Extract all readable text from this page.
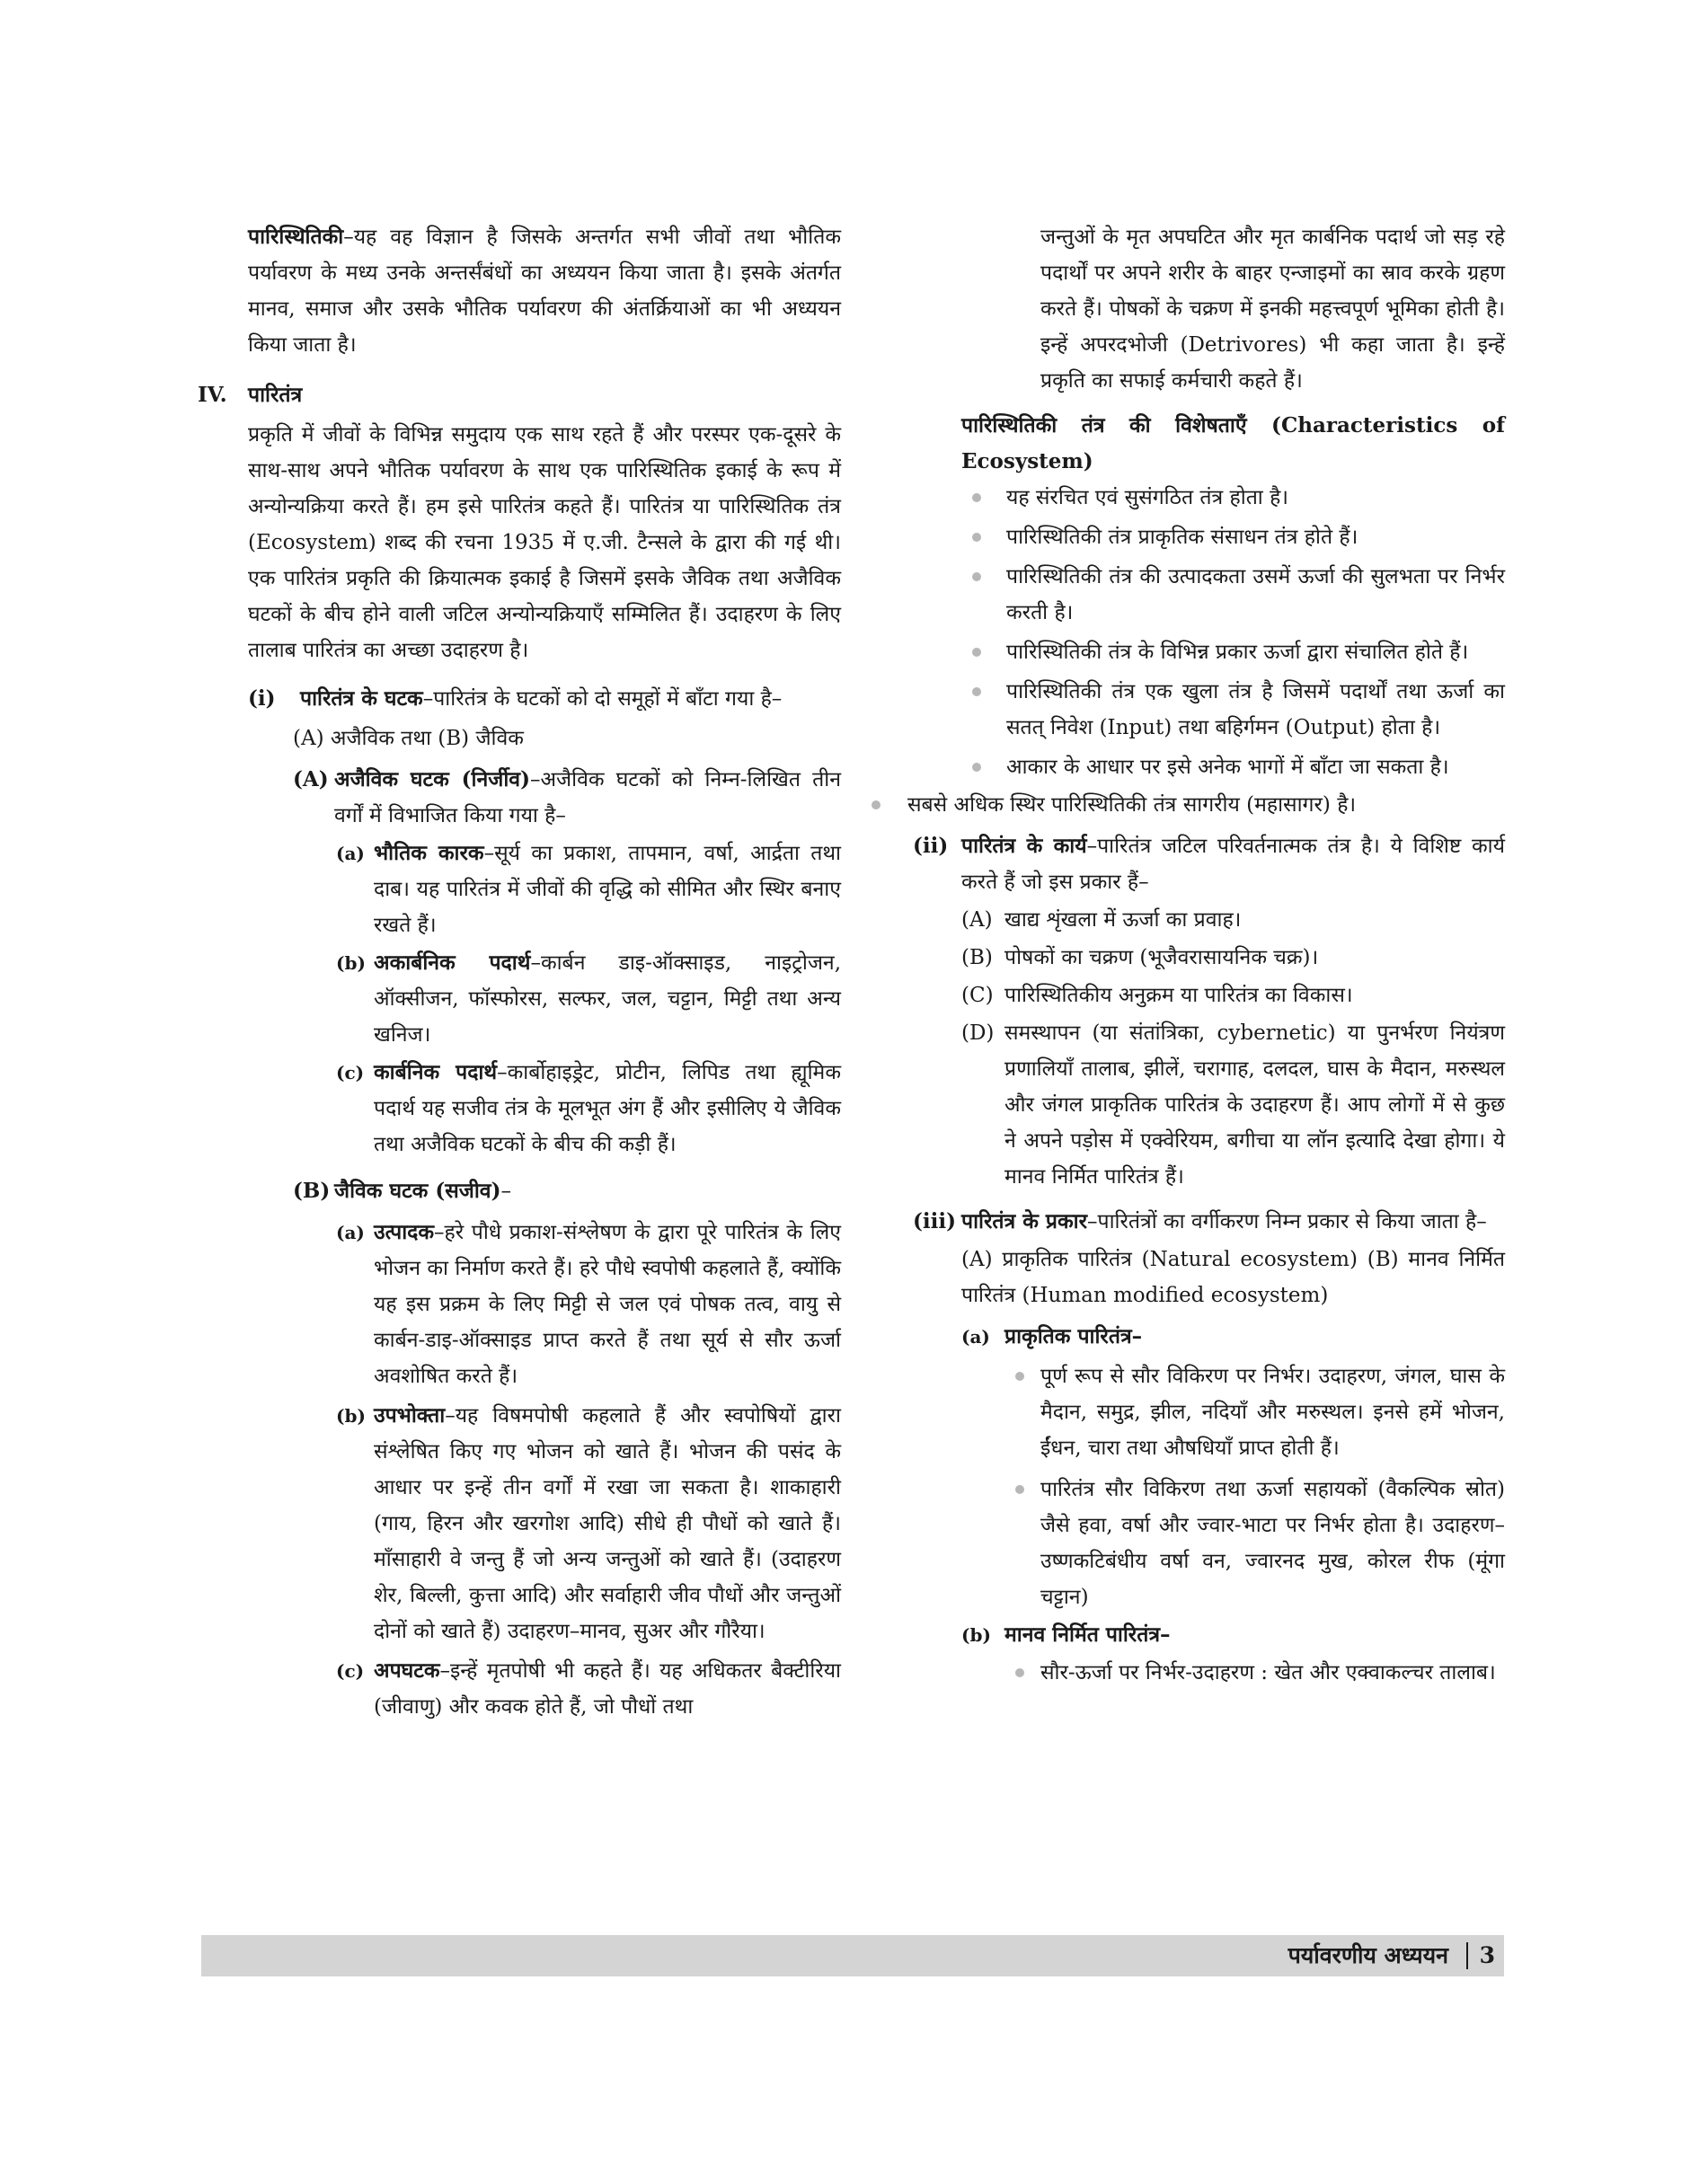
पारिस्थितिकी–यह वह विज्ञान है जिसके अन्तर्गत सभी जीवों तथा भौतिक पर्यावरण के मध्य उनके अन्तर्संबंधों का अध्ययन किया जाता है। इसके अंतर्गत मानव, समाज और उसके भौतिक पर्यावरण की अंतर्क्रियाओं का भी अध्ययन किया जाता है।

IV. पारितंत्र

प्रकृति में जीवों के विभिन्न समुदाय एक साथ रहते हैं और परस्पर एक-दूसरे के साथ-साथ अपने भौतिक पर्यावरण के साथ एक पारिस्थितिक इकाई के रूप में अन्योन्यक्रिया करते हैं। हम इसे पारितंत्र कहते हैं। पारितंत्र या पारिस्थितिक तंत्र (Ecosystem) शब्द की रचना 1935 में ए.जी. टैन्सले के द्वारा की गई थी। एक पारितंत्र प्रकृति की क्रियात्मक इकाई है जिसमें इसके जैविक तथा अजैविक घटकों के बीच होने वाली जटिल अन्योन्यक्रियाएँ सम्मिलित हैं। उदाहरण के लिए तालाब पारितंत्र का अच्छा उदाहरण है।

(i) पारितंत्र के घटक–पारितंत्र के घटकों को दो समूहों में बाँटा गया है–

(A) अजैविक तथा (B) जैविक

(A) अजैविक घटक (निर्जीव)–अजैविक घटकों को निम्न-लिखित तीन वर्गों में विभाजित किया गया है–
(a) भौतिक कारक–सूर्य का प्रकाश, तापमान, वर्षा, आर्द्रता तथा दाब। यह पारितंत्र में जीवों की वृद्धि को सीमित और स्थिर बनाए रखते हैं।
(b) अकार्बनिक पदार्थ–कार्बन डाइ-ऑक्साइड, नाइट्रोजन, ऑक्सीजन, फॉस्फोरस, सल्फर, जल, चट्टान, मिट्टी तथा अन्य खनिज।
(c) कार्बनिक पदार्थ–कार्बोहाइड्रेट, प्रोटीन, लिपिड तथा ह्यूमिक पदार्थ यह सजीव तंत्र के मूलभूत अंग हैं और इसीलिए ये जैविक तथा अजैविक घटकों के बीच की कड़ी हैं।
(B) जैविक घटक (सजीव)–
(a) उत्पादक–हरे पौधे प्रकाश-संश्लेषण के द्वारा पूरे पारितंत्र के लिए भोजन का निर्माण करते हैं। हरे पौधे स्वपोषी कहलाते हैं, क्योंकि यह इस प्रक्रम के लिए मिट्टी से जल एवं पोषक तत्व, वायु से कार्बन-डाइ-ऑक्साइड प्राप्त करते हैं तथा सूर्य से सौर ऊर्जा अवशोषित करते हैं।
(b) उपभोक्ता–यह विषमपोषी कहलाते हैं और स्वपोषियों द्वारा संश्लेषित किए गए भोजन को खाते हैं। भोजन की पसंद के आधार पर इन्हें तीन वर्गों में रखा जा सकता है। शाकाहारी (गाय, हिरन और खरगोश आदि) सीधे ही पौधों को खाते हैं। माँसाहारी वे जन्तु हैं जो अन्य जन्तुओं को खाते हैं। (उदाहरण शेर, बिल्ली, कुत्ता आदि) और सर्वाहारी जीव पौधों और जन्तुओं दोनों को खाते हैं) उदाहरण–मानव, सुअर और गौरैया।
(c) अपघटक–इन्हें मृतपोषी भी कहते हैं। यह अधिकतर बैक्टीरिया (जीवाणु) और कवक होते हैं, जो पौधों तथा

जन्तुओं के मृत अपघटित और मृत कार्बनिक पदार्थ जो सड़ रहे पदार्थों पर अपने शरीर के बाहर एन्जाइमों का स्राव करके ग्रहण करते हैं। पोषकों के चक्रण में इनकी महत्त्वपूर्ण भूमिका होती है। इन्हें अपरदभोजी (Detrivores) भी कहा जाता है। इन्हें प्रकृति का सफाई कर्मचारी कहते हैं।

पारिस्थितिकी तंत्र की विशेषताएँ (Characteristics of Ecosystem)

यह संरचित एवं सुसंगठित तंत्र होता है।
पारिस्थितिकी तंत्र प्राकृतिक संसाधन तंत्र होते हैं।
पारिस्थितिकी तंत्र की उत्पादकता उसमें ऊर्जा की सुलभता पर निर्भर करती है।
पारिस्थितिकी तंत्र के विभिन्न प्रकार ऊर्जा द्वारा संचालित होते हैं।
पारिस्थितिकी तंत्र एक खुला तंत्र है जिसमें पदार्थों तथा ऊर्जा का सतत् निवेश (Input) तथा बहिर्गमन (Output) होता है।
आकार के आधार पर इसे अनेक भागों में बाँटा जा सकता है।
सबसे अधिक स्थिर पारिस्थितिकी तंत्र सागरीय (महासागर) है।
(ii) पारितंत्र के कार्य–पारितंत्र जटिल परिवर्तनात्मक तंत्र है। ये विशिष्ट कार्य करते हैं जो इस प्रकार हैं–
(A) खाद्य शृंखला में ऊर्जा का प्रवाह।
(B) पोषकों का चक्रण (भूजैवरासायनिक चक्र)।
(C) पारिस्थितिकीय अनुक्रम या पारितंत्र का विकास।
(D) समस्थापन (या संतांत्रिका, cybernetic) या पुनर्भरण नियंत्रण प्रणालियाँ तालाब, झीलें, चरागाह, दलदल, घास के मैदान, मरुस्थल और जंगल प्राकृतिक पारितंत्र के उदाहरण हैं। आप लोगों में से कुछ ने अपने पड़ोस में एक्वेरियम, बगीचा या लॉन इत्यादि देखा होगा। ये मानव निर्मित पारितंत्र हैं।
(iii) पारितंत्र के प्रकार–पारितंत्रों का वर्गीकरण निम्न प्रकार से किया जाता है–

(A) प्राकृतिक पारितंत्र (Natural ecosystem) (B) मानव निर्मित पारितंत्र (Human modified ecosystem)

(a) प्राकृतिक पारितंत्र–
पूर्ण रूप से सौर विकिरण पर निर्भर। उदाहरण, जंगल, घास के मैदान, समुद्र, झील, नदियाँ और मरुस्थल। इनसे हमें भोजन, ईंधन, चारा तथा औषधियाँ प्राप्त होती हैं।
पारितंत्र सौर विकिरण तथा ऊर्जा सहायकों (वैकल्पिक स्रोत) जैसे हवा, वर्षा और ज्वार-भाटा पर निर्भर होता है। उदाहरण– उष्णकटिबंधीय वर्षा वन, ज्वारनद मुख, कोरल रीफ (मूंगा चट्टान)
(b) मानव निर्मित पारितंत्र–
सौर-ऊर्जा पर निर्भर-उदाहरण : खेत और एक्वाकल्चर तालाब।
पर्यावरणीय अध्ययन 3
